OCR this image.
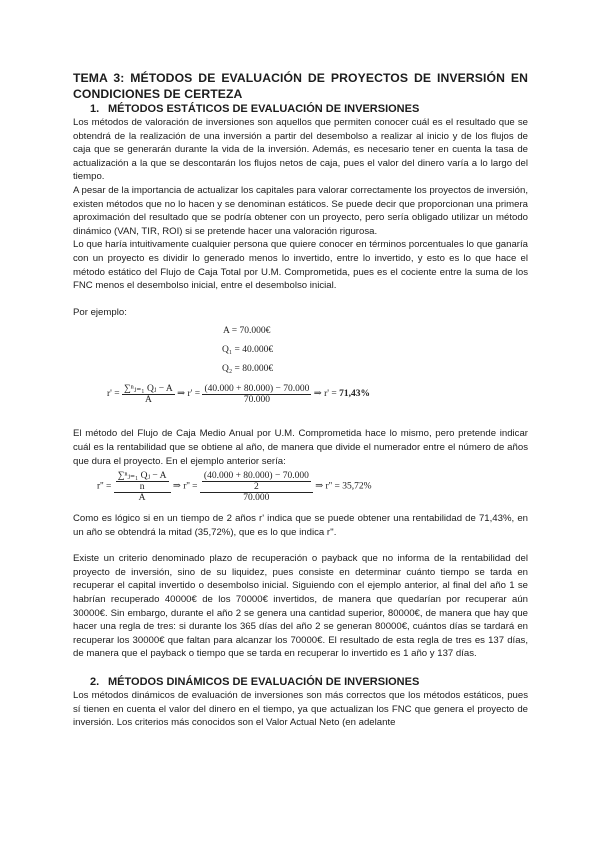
TEMA 3: MÉTODOS DE EVALUACIÓN DE PROYECTOS DE INVERSIÓN EN CONDICIONES DE CERTEZA
1. MÉTODOS ESTÁTICOS DE EVALUACIÓN DE INVERSIONES

Los métodos de valoración de inversiones son aquellos que permiten conocer cuál es el resultado que se obtendrá de la realización de una inversión a partir del desembolso a realizar al inicio y de los flujos de caja que se generarán durante la vida de la inversión. Además, es necesario tener en cuenta la tasa de actualización a la que se descontarán los flujos netos de caja, pues el valor del dinero varía a lo largo del tiempo.

A pesar de la importancia de actualizar los capitales para valorar correctamente los proyectos de inversión, existen métodos que no lo hacen y se denominan estáticos. Se puede decir que proporcionan una primera aproximación del resultado que se podría obtener con un proyecto, pero sería obligado utilizar un método dinámico (VAN, TIR, ROI) si se pretende hacer una valoración rigurosa.

Lo que haría intuitivamente cualquier persona que quiere conocer en términos porcentuales lo que ganaría con un proyecto es dividir lo generado menos lo invertido, entre lo invertido, y esto es lo que hace el método estático del Flujo de Caja Total por U.M. Comprometida, pues es el cociente entre la suma de los FNC menos el desembolso inicial, entre el desembolso inicial.

Por ejemplo:

A = 70.000€
Q₁ = 40.000€
Q₂ = 80.000€
$r' = \frac{\text{∑ⁿⱼ₌₁ Qⱼ − A}}{A}$ ⇒ $r' = \frac{(40.000 + 80.000) - 70.000}{70.000}$ ⇒ r' = 71,43%

El método del Flujo de Caja Medio Anual por U.M. Comprometida hace lo mismo, pero pretende indicar cuál es la rentabilidad que se obtiene al año, de manera que divide el numerador entre el número de años que dura el proyecto. En el ejemplo anterior sería:

$r'' = \frac{\frac{\text{∑ⁿⱼ₌₁ Qⱼ − A}}{n}}{A}$ ⇒ $r'' = \frac{\frac{(40.000 + 80.000) - 70.000}{2}}{70.000}$ ⇒ r'' = 35,72%

Como es lógico si en un tiempo de 2 años r' indica que se puede obtener una rentabilidad de 71,43%, en un año se obtendrá la mitad (35,72%), que es lo que indica r''.

Existe un criterio denominado plazo de recuperación o payback que no informa de la rentabilidad del proyecto de inversión, sino de su liquidez, pues consiste en determinar cuánto tiempo se tarda en recuperar el capital invertido o desembolso inicial. Siguiendo con el ejemplo anterior, al final del año 1 se habrían recuperado 40000€ de los 70000€ invertidos, de manera que quedarían por recuperar aún 30000€. Sin embargo, durante el año 2 se genera una cantidad superior, 80000€, de manera que hay que hacer una regla de tres: si durante los 365 días del año 2 se generan 80000€, cuántos días se tardará en recuperar los 30000€ que faltan para alcanzar los 70000€. El resultado de esta regla de tres es 137 días, de manera que el payback o tiempo que se tarda en recuperar lo invertido es 1 año y 137 días.

2. MÉTODOS DINÁMICOS DE EVALUACIÓN DE INVERSIONES

Los métodos dinámicos de evaluación de inversiones son más correctos que los métodos estáticos, pues sí tienen en cuenta el valor del dinero en el tiempo, ya que actualizan los FNC que genera el proyecto de inversión. Los criterios más conocidos son el Valor Actual Neto (en adelante
